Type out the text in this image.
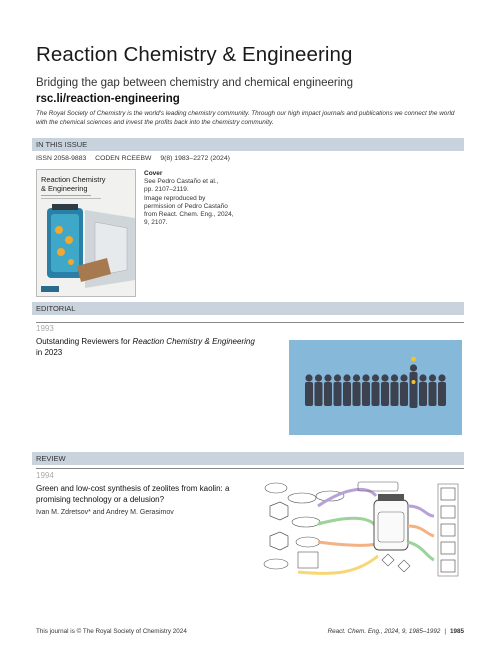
Reaction Chemistry & Engineering
Bridging the gap between chemistry and chemical engineering
rsc.li/reaction-engineering
The Royal Society of Chemistry is the world's leading chemistry community. Through our high impact journals and publications we connect the world with the chemical sciences and invest the profits back into the chemistry community.
IN THIS ISSUE
ISSN 2058-9883 CODEN RCEEBW 9(8) 1983–2272 (2024)
Reaction Chemistry
& Engineering
Cover
See Pedro Castaño et al.,
pp. 2107–2119.
Image reproduced by
permission of Pedro Castaño
from React. Chem. Eng., 2024,
9, 2107.
EDITORIAL
1993
Outstanding Reviewers for Reaction Chemistry & Engineering in 2023
REVIEW
1994
Green and low-cost synthesis of zeolites from kaolin: a promising technology or a delusion?
Ivan M. Zdretsov* and Andrey M. Gerasimov
This journal is © The Royal Society of Chemistry 2024	React. Chem. Eng., 2024, 9, 1985–1992 | 1985
